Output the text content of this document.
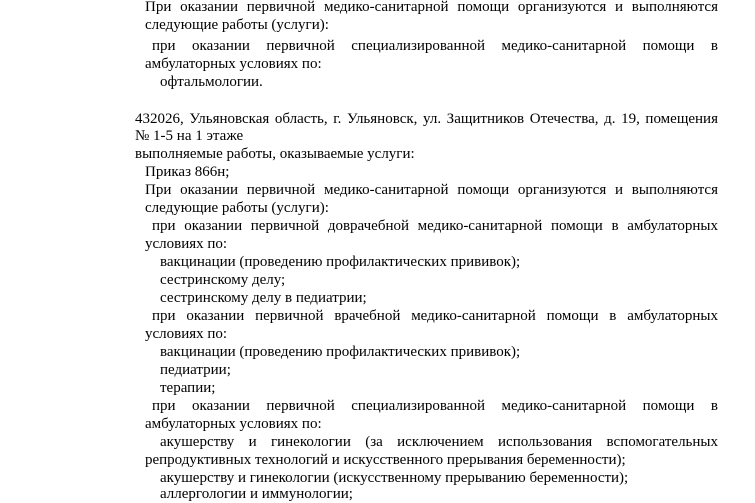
При оказании первичной медико-санитарной помощи организуются и выполняются
следующие работы (услуги):
при оказании первичной специализированной медико-санитарной помощи в
амбулаторных условиях по:
офтальмологии.
432026, Ульяновская область, г. Ульяновск, ул. Защитников Отечества, д. 19, помещения
№ 1-5 на 1 этаже
выполняемые работы, оказываемые услуги:
Приказ 866н;
При оказании первичной медико-санитарной помощи организуются и выполняются
следующие работы (услуги):
при оказании первичной доврачебной медико-санитарной помощи в амбулаторных
условиях по:
вакцинации (проведению профилактических прививок);
сестринскому делу;
сестринскому делу в педиатрии;
при оказании первичной врачебной медико-санитарной помощи в амбулаторных
условиях по:
вакцинации (проведению профилактических прививок);
педиатрии;
терапии;
при оказании первичной специализированной медико-санитарной помощи в
амбулаторных условиях по:
акушерству и гинекологии (за исключением использования вспомогательных
репродуктивных технологий и искусственного прерывания беременности);
акушерству и гинекологии (искусственному прерыванию беременности);
аллергологии и иммунологии;
